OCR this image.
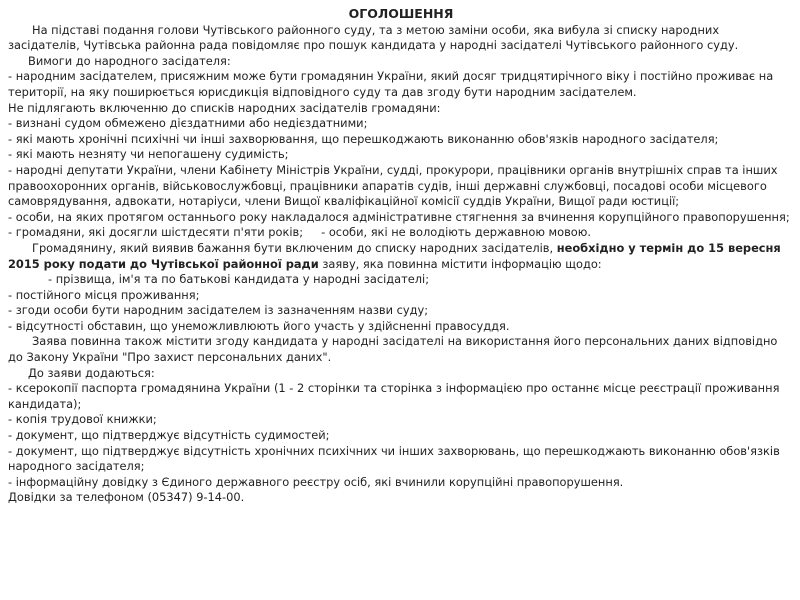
ОГОЛОШЕННЯ

На підставі подання голови Чутівського районного суду, та з метою заміни особи, яка вибула зі списку народних засідателів, Чутівська районна рада повідомляє про пошук кандидата у народні засідателі Чутівського районного суду.

Вимоги до народного засідателя:

- народним засідателем, присяжним може бути громадянин України, який досяг тридцятирічного віку і постійно проживає на території, на яку поширюється юрисдикція відповідного суду та дав згоду бути народним засідателем.

Не підлягають включенню до списків народних засідателів громадяни:

- визнані судом обмежено дієздатними або недієздатними;

- які мають хронічні психічні чи інші захворювання, що перешкоджають виконанню обов'язків народного засідателя;

- які мають незняту чи непогашену судимість;

- народні депутати України, члени Кабінету Міністрів України, судді, прокурори, працівники органів внутрішніх справ та інших правоохоронних органів, військовослужбовці, працівники апаратів судів, інші державні службовці, посадові особи місцевого самоврядування, адвокати, нотаріуси, члени Вищої кваліфікаційної комісії суддів України, Вищої ради юстиції;

- особи, на яких протягом останнього року накладалося адміністративне стягнення за вчинення корупційного правопорушення;

- громадяни, які досягли шістдесяти п'яти років; - особи, які не володіють державною мовою.

Громадянину, який виявив бажання бути включеним до списку народних засідателів, необхідно у термін до 15 вересня 2015 року подати до Чутівської районної ради заяву, яка повинна містити інформацію щодо:

- прізвища, ім'я та по батькові кандидата у народні засідателі;

- постійного місця проживання;

- згоди особи бути народним засідателем із зазначенням назви суду;

- відсутності обставин, що унеможливлюють його участь у здійсненні правосуддя.

Заява повинна також містити згоду кандидата у народні засідателі на використання його персональних даних відповідно до Закону України "Про захист персональних даних".

До заяви додаються:

- ксерокопії паспорта громадянина України (1 - 2 сторінки та сторінка з інформацією про останнє місце реєстрації проживання кандидата);

- копія трудової книжки;

- документ, що підтверджує відсутність судимостей;

- документ, що підтверджує відсутність хронічних психічних чи інших захворювань, що перешкоджають виконанню обов'язків народного засідателя;

- інформаційну довідку з Єдиного державного реєстру осіб, які вчинили корупційні правопорушення.

Довідки за телефоном (05347) 9-14-00.
